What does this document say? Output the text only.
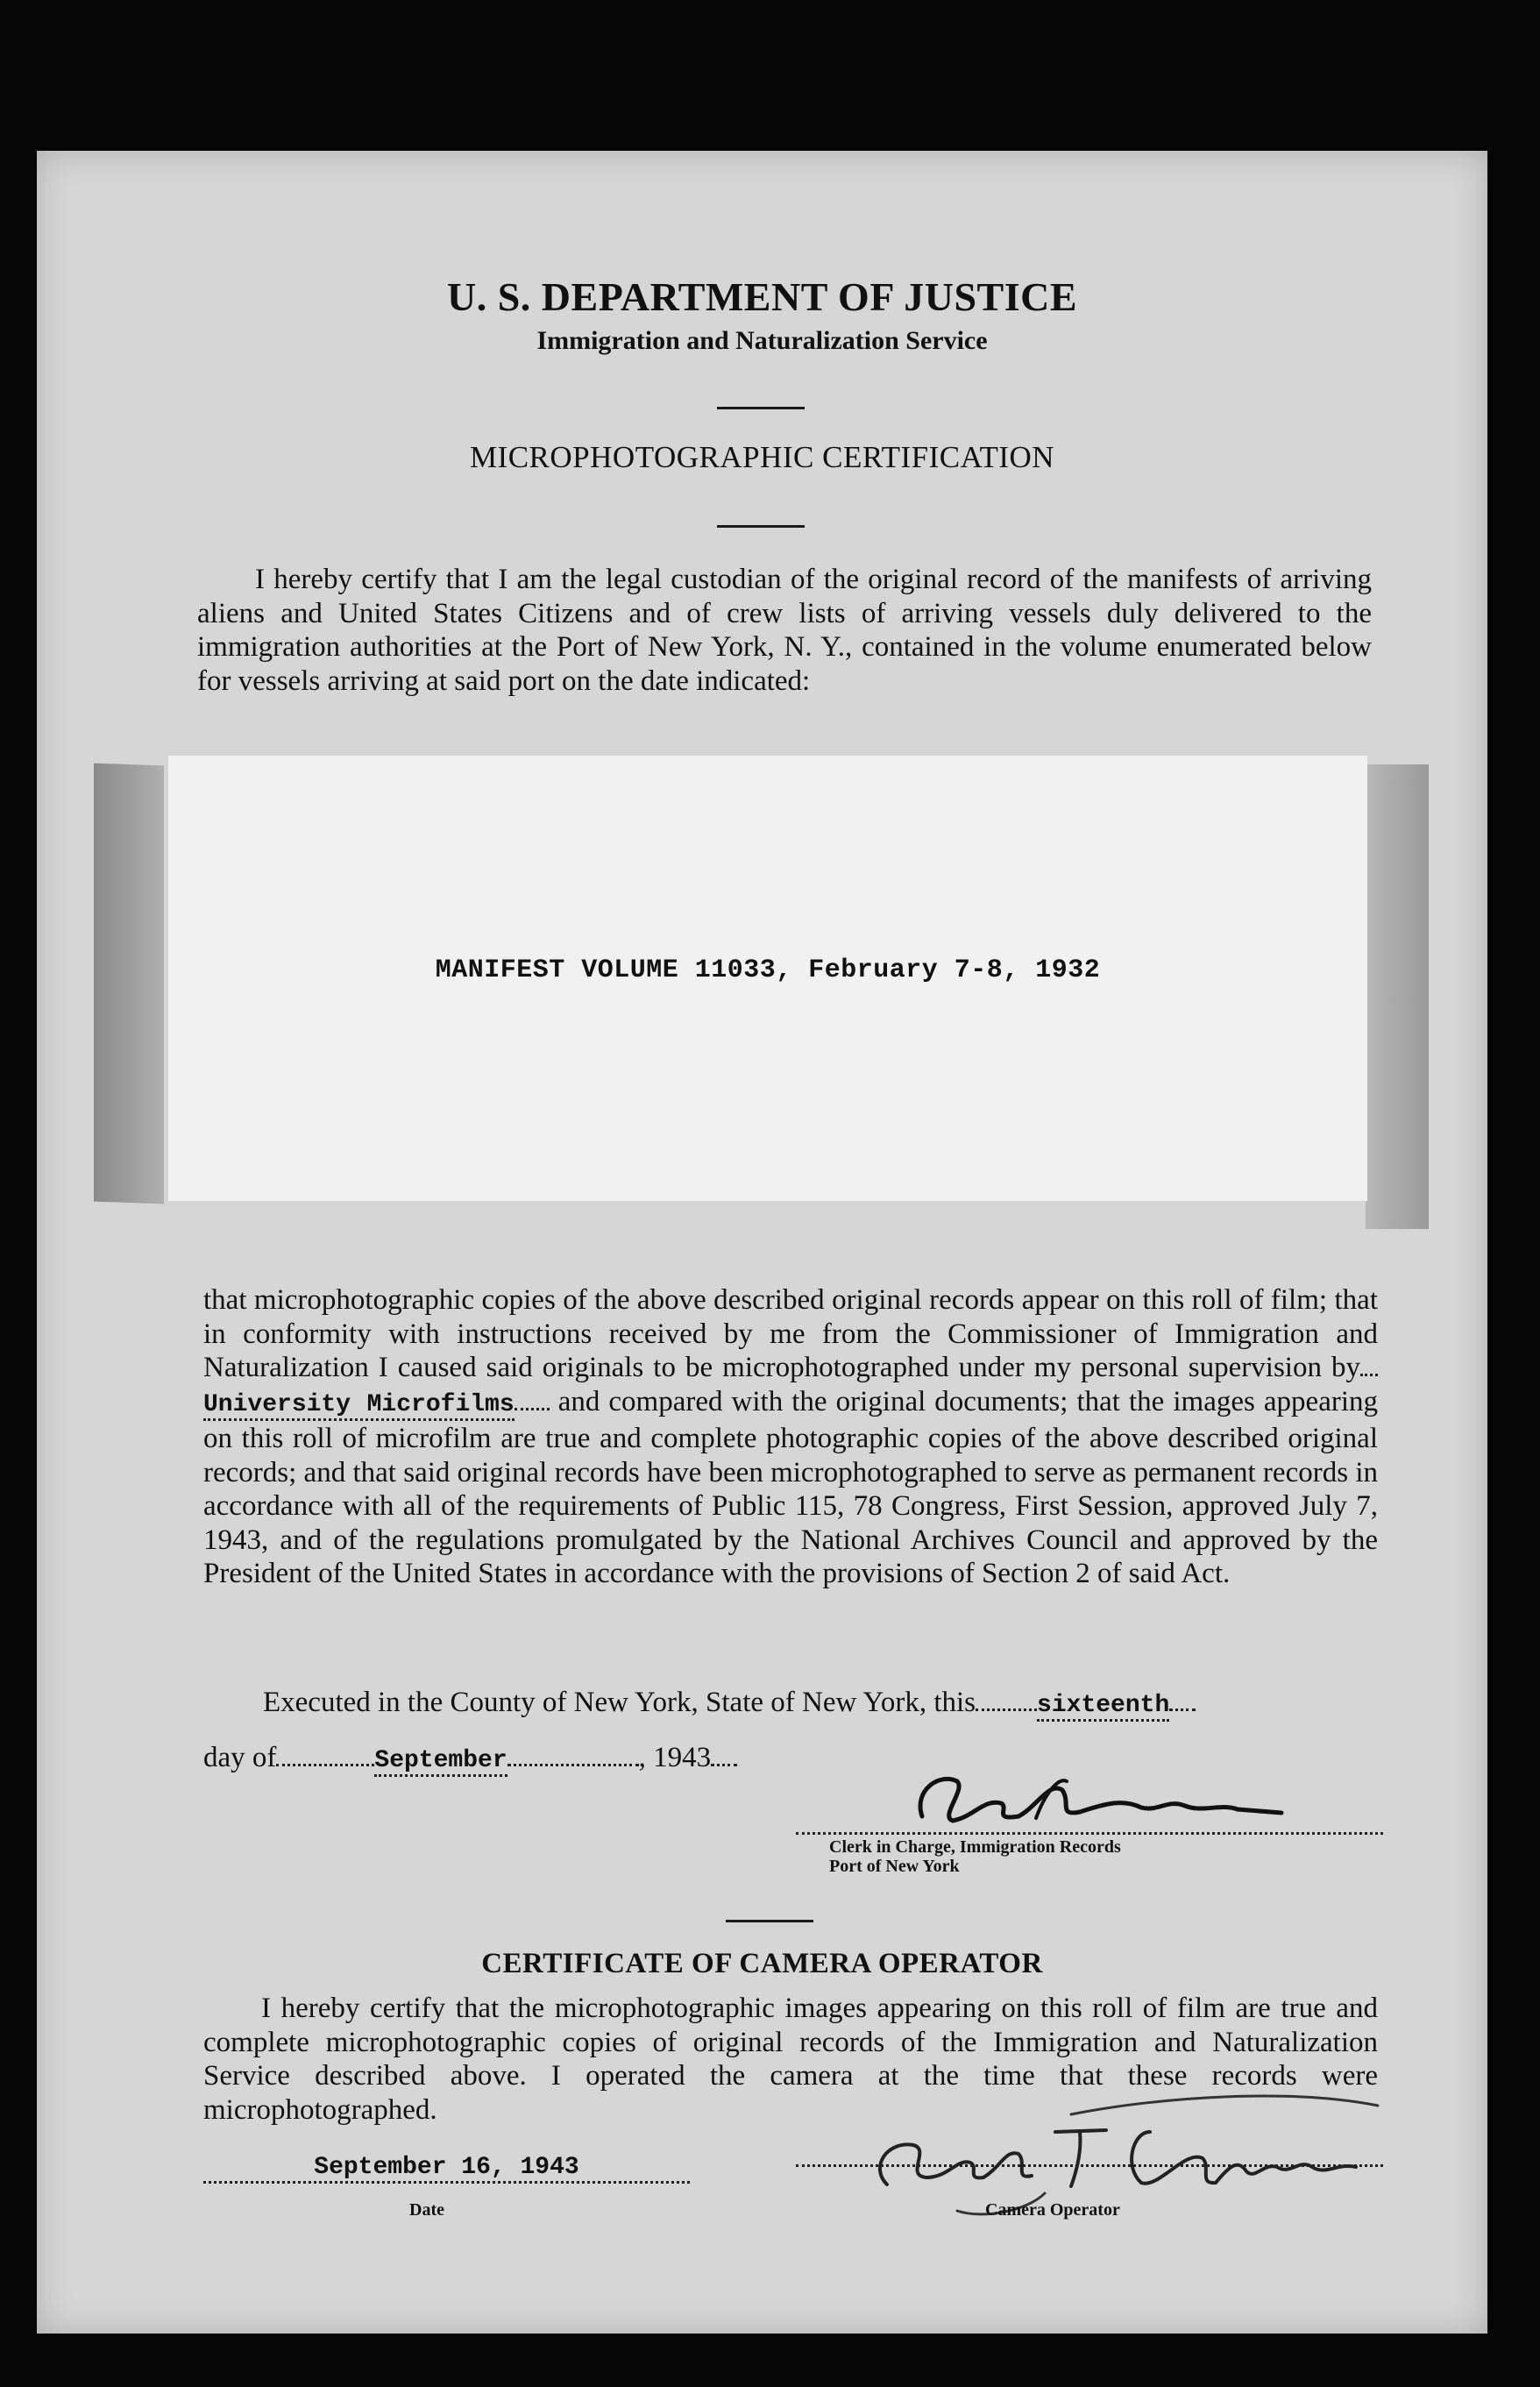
U. S. DEPARTMENT OF JUSTICE
Immigration and Naturalization Service
MICROPHOTOGRAPHIC CERTIFICATION
I hereby certify that I am the legal custodian of the original record of the manifests of arriving aliens and United States Citizens and of crew lists of arriving vessels duly delivered to the immigration authorities at the Port of New York, N. Y., contained in the volume enumerated below for vessels arriving at said port on the date indicated:
MANIFEST VOLUME 11033, February 7-8, 1932
that microphotographic copies of the above described original records appear on this roll of film; that in conformity with instructions received by me from the Commissioner of Immigration and Naturalization I caused said originals to be microphotographed under my personal supervision byUniversity Microfilms and compared with the original documents; that the images appearing on this roll of microfilm are true and complete photographic copies of the above described original records; and that said original records have been microphotographed to serve as permanent records in accordance with all of the requirements of Public 115, 78 Congress, First Session, approved July 7, 1943, and of the regulations promulgated by the National Archives Council and approved by the President of the United States in accordance with the provisions of Section 2 of said Act.
Executed in the County of New York, State of New York, this	sixteenth
day of	September	, 1943
Clerk in Charge, Immigration Records
Port of New York
CERTIFICATE OF CAMERA OPERATOR
I hereby certify that the microphotographic images appearing on this roll of film are true and complete microphotographic copies of original records of the Immigration and Naturalization Service described above. I operated the camera at the time that these records were microphotographed.
September 16, 1943
Date	Camera Operator
